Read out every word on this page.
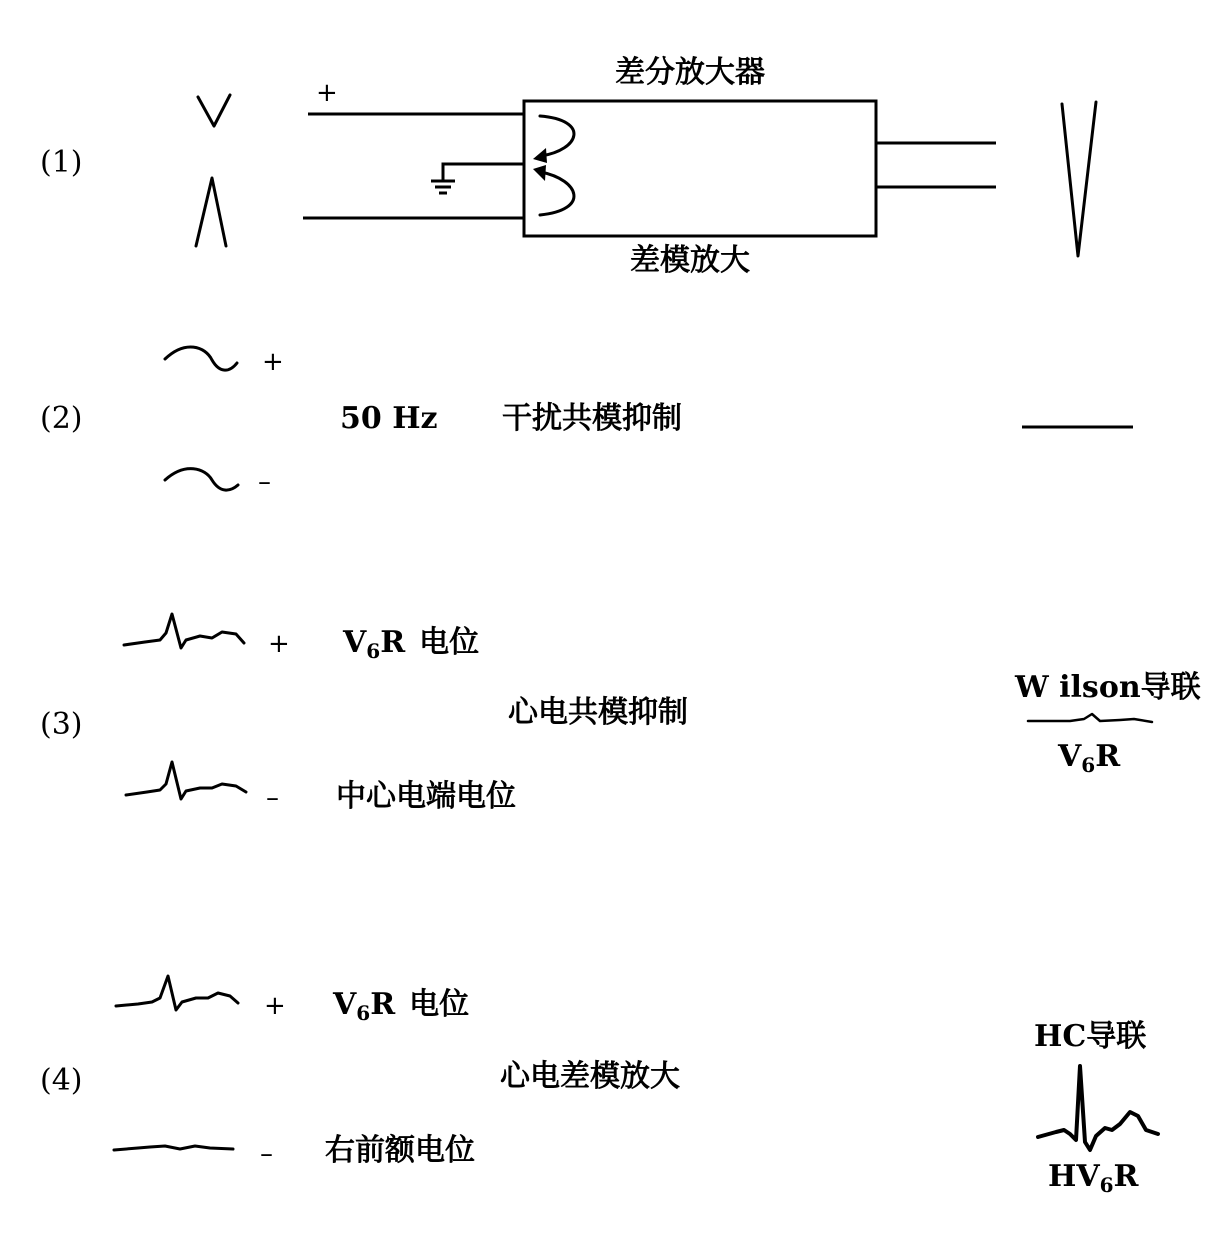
(1)
差分放大器
差模放大
+
(2)
+
–
50 Hz 干扰共模抑制
(3)
+ $V_6R$ 电位
心电共模抑制
– 中心电端电位
W ilson导联
$V_6R$
(4)
+ $V_6R$ 电位
心电差模放大
– 右前额电位
HC导联
$HV_6R$
